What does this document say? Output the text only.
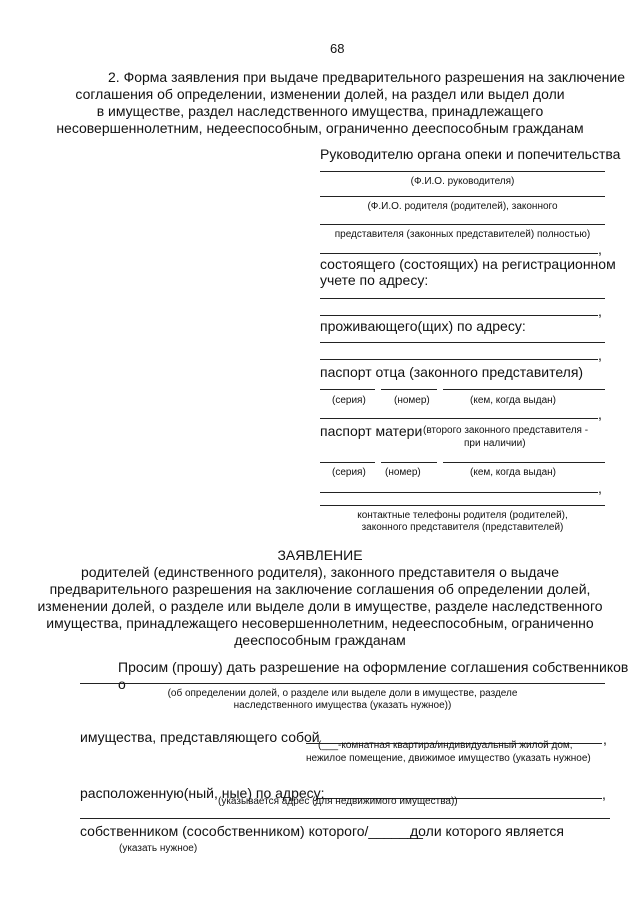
68
2. Форма заявления при выдаче предварительного разрешения на заключение
соглашения об определении, изменении долей, на раздел или выдел доли
в имуществе, раздел наследственного имущества, принадлежащего
несовершеннолетним, недееспособным, ограниченно дееспособным гражданам
Руководителю органа опеки и попечительства
(Ф.И.О. руководителя)
(Ф.И.О. родителя (родителей), законного
представителя (законных представителей) полностью)
,
состоящего (состоящих) на регистрационном
учете по адресу:
,
проживающего(щих) по адресу:
,
паспорт отца (законного представителя)
(серия)	(номер)	(кем, когда выдан)
,
паспорт матери (второго законного представителя -
при наличии)
(серия) (номер)	(кем, когда выдан)
,
контактные телефоны родителя (родителей),
законного представителя (представителей)
ЗАЯВЛЕНИЕ
родителей (единственного родителя), законного представителя о выдаче
предварительного разрешения на заключение соглашения об определении долей,
изменении долей, о разделе или выделе доли в имуществе, разделе наследственного
имущества, принадлежащего несовершеннолетним, недееспособным, ограниченно
дееспособным гражданам
Просим (прошу) дать разрешение на оформление соглашения собственников о
(об определении долей, о разделе или выделе доли в имуществе, разделе
наследственного имущества (указать нужное))
имущества, представляющего собой	,
(___-комнатная квартира/индивидуальный жилой дом,
нежилое помещение, движимое имущество (указать нужное)
расположенную(ный, ные) по адресу:	,
(указывается адрес (для недвижимого имущества))
собственником (сособственником) которого/_______
доли которого является
(указать нужное)
